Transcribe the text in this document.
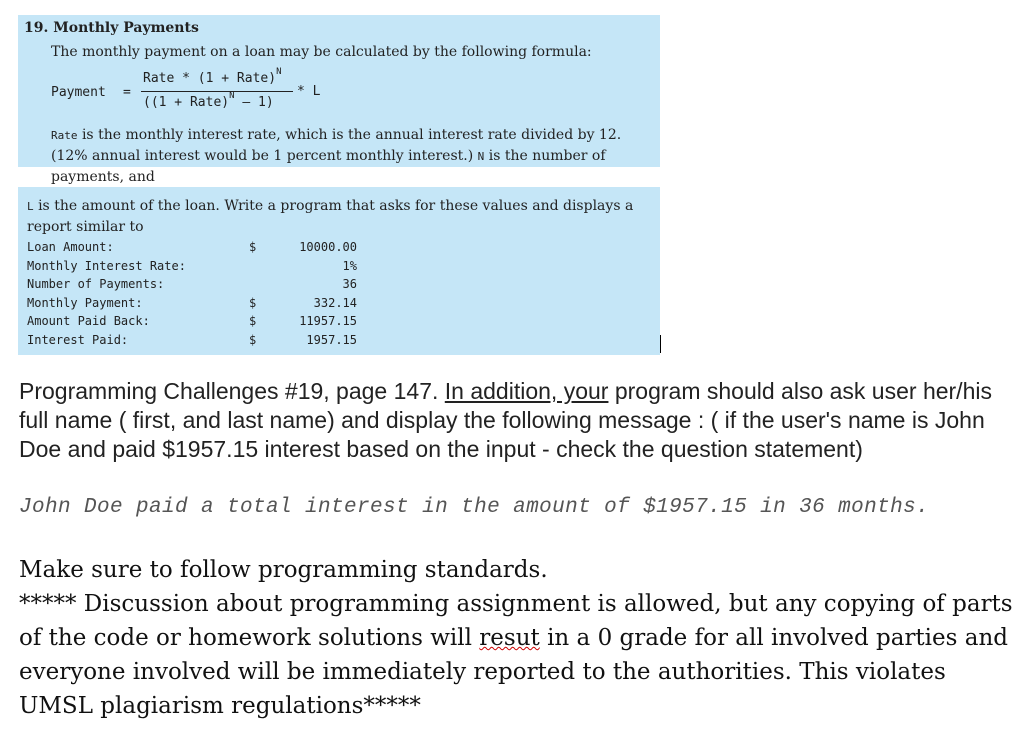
19. Monthly Payments
The monthly payment on a loan may be calculated by the following formula:
Payment =
Rate * (1 + Rate)$^N$
((1 + Rate)$^N$ – 1)
* L
Rate is the monthly interest rate, which is the annual interest rate divided by 12. (12% annual interest would be 1 percent monthly interest.) N is the number of payments, and
L is the amount of the loan. Write a program that asks for these values and displays a report similar to
Loan Amount:	$	10000.00
Monthly Interest Rate:	1%
Number of Payments:	36
Monthly Payment:	$	332.14
Amount Paid Back:	$	11957.15
Interest Paid:	$	1957.15
Programming Challenges #19, page 147. In addition, your program should also ask user her/his full name ( first, and last name) and display the following message : ( if the user's name is John Doe and paid $1957.15 interest based on the input - check the question statement)
John Doe paid a total interest in the amount of $1957.15 in 36 months.

Make sure to follow programming standards.

***** Discussion about programming assignment is allowed, but any copying of parts of the code or homework solutions will resut in a 0 grade for all involved parties and everyone involved will be immediately reported to the authorities. This violates UMSL plagiarism regulations*****
